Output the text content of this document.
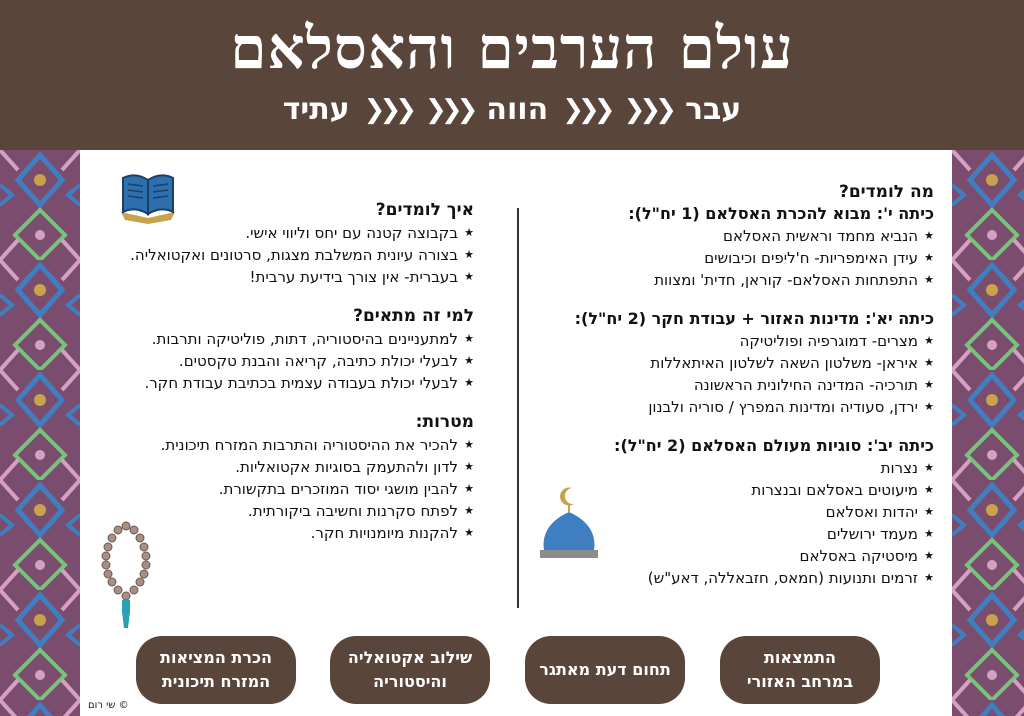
עולם הערבים והאסלאם
עבר
❮❮❮
❮❮❮
הווה
❮❮❮
❮❮❮
עתיד
מה לומדים?
כיתה י': מבוא להכרת האסלאם (1 יח"ל):
★ הנביא מחמד וראשית האסלאם
★ עידן האימפריות- ח'ליפים וכיבושים
★ התפתחות האסלאם- קוראן, חדית' ומצוות
כיתה יא': מדינות האזור + עבודת חקר (2 יח"ל):
★ מצרים- דמוגרפיה ופוליטיקה
★ איראן- משלטון השאה לשלטון האיתאללות
★ תורכיה- המדינה החילונית הראשונה
★ ירדן, סעודיה ומדינות המפרץ / סוריה ולבנון
כיתה יב': סוגיות מעולם האסלאם (2 יח"ל):
★ נצרות
★ מיעוטים באסלאם ובנצרות
★ יהדות ואסלאם
★ מעמד ירושלים
★ מיסטיקה באסלאם
★ זרמים ותנועות (חמאס, חזבאללה, דאע"ש)
איך לומדים?
★ בקבוצה קטנה עם יחס וליווי אישי.
★ בצורה עיונית המשלבת מצגות, סרטונים ואקטואליה.
★ בעברית- אין צורך בידיעת ערבית!
למי זה מתאים?
★ למתעניינים בהיסטוריה, דתות, פוליטיקה ותרבות.
★ לבעלי יכולת כתיבה, קריאה והבנת טקסטים.
★ לבעלי יכולת בעבודה עצמית בכתיבת עבודת חקר.
מטרות:
★ להכיר את ההיסטוריה והתרבות המזרח תיכונית.
★ לדון ולהתעמק בסוגיות אקטואליות.
★ להבין מושגי יסוד המוזכרים בתקשורת.
★ לפתח סקרנות וחשיבה ביקורתית.
★ להקנות מיומנויות חקר.
התמצאות
במרחב האזורי
תחום דעת מאתגר
שילוב אקטואליה
והיסטוריה
הכרת המציאות
המזרח תיכונית
© שי רום
